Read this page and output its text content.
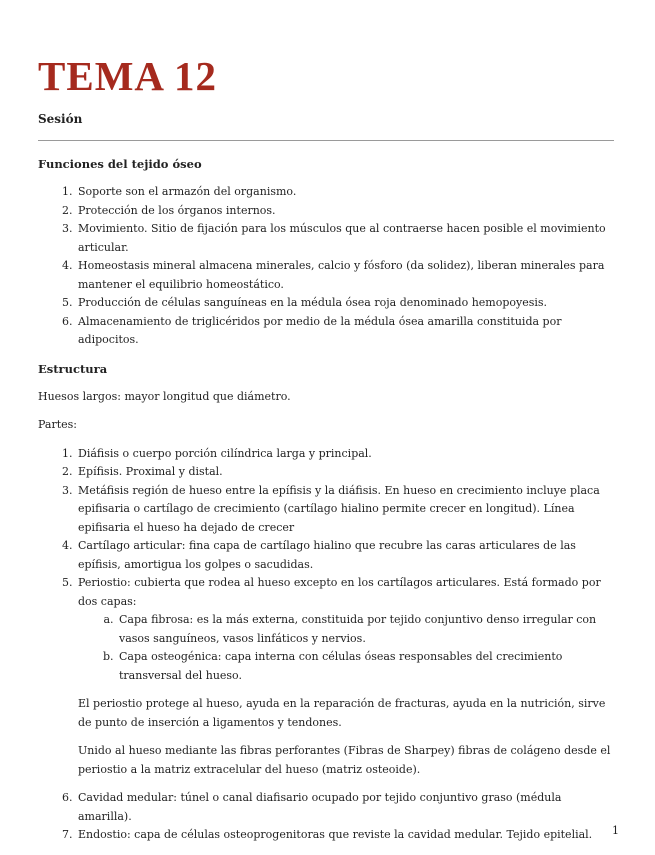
TEMA 12
Sesión
Funciones del tejido óseo
1. Soporte son el armazón del organismo.
2. Protección de los órganos internos.
3. Movimiento. Sitio de fijación para los músculos que al contraerse hacen posible el movimiento articular.
4. Homeostasis mineral almacena minerales, calcio y fósforo (da solidez), liberan minerales para mantener el equilibrio homeostático.
5. Producción de células sanguíneas en la médula ósea roja denominado hemopoyesis.
6. Almacenamiento de triglicéridos por medio de la médula ósea amarilla constituida por adipocitos.
Estructura

Huesos largos: mayor longitud que diámetro.

Partes:

1. Diáfisis o cuerpo porción cilíndrica larga y principal.
2. Epífisis. Proximal y distal.
3. Metáfisis región de hueso entre la epífisis y la diáfisis. En hueso en crecimiento incluye placa epifisaria o cartílago de crecimiento (cartílago hialino permite crecer en longitud). Línea epifisaria el hueso ha dejado de crecer
4. Cartílago articular: fina capa de cartílago hialino que recubre las caras articulares de las epífisis, amortigua los golpes o sacudidas.
5. Periostio: cubierta que rodea al hueso excepto en los cartílagos articulares. Está formado por dos capas:
a. Capa fibrosa: es la más externa, constituida por tejido conjuntivo denso irregular con vasos sanguíneos, vasos linfáticos y nervios.
b. Capa osteogénica: capa interna con células óseas responsables del crecimiento transversal del hueso.

El periostio protege al hueso, ayuda en la reparación de fracturas, ayuda en la nutrición, sirve de punto de inserción a ligamentos y tendones.

Unido al hueso mediante las fibras perforantes (Fibras de Sharpey) fibras de colágeno desde el periostio a la matriz extracelular del hueso (matriz osteoide).

6. Cavidad medular: túnel o canal diafisario ocupado por tejido conjuntivo graso (médula amarilla).
7. Endostio: capa de células osteoprogenitoras que reviste la cavidad medular. Tejido epitelial.	1
